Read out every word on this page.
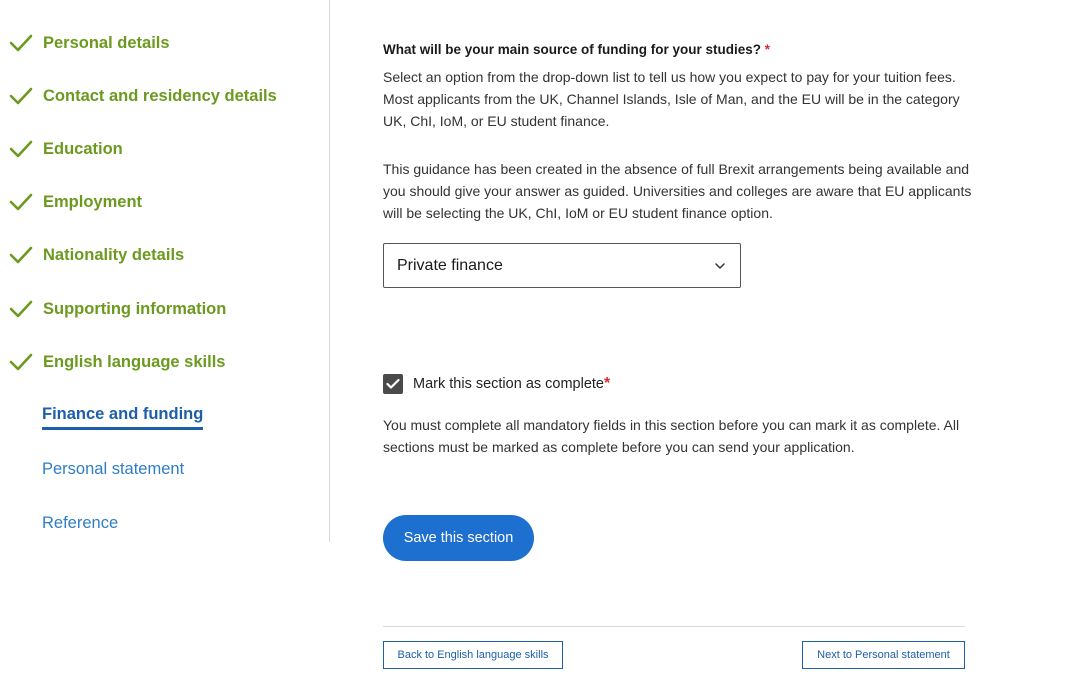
Personal details
Contact and residency details
Education
Employment
Nationality details
Supporting information
English language skills
Finance and funding
Personal statement
Reference
What will be your main source of funding for your studies? *

Select an option from the drop-down list to tell us how you expect to pay for your tuition fees. Most applicants from the UK, Channel Islands, Isle of Man, and the EU will be in the category UK, ChI, IoM, or EU student finance.

This guidance has been created in the absence of full Brexit arrangements being available and you should give your answer as guided. Universities and colleges are aware that EU applicants will be selecting the UK, ChI, IoM or EU student finance option.

Private finance
Mark this section as complete *

You must complete all mandatory fields in this section before you can mark it as complete. All sections must be marked as complete before you can send your application.

Save this section
Back to English language skills	Next to Personal statement
